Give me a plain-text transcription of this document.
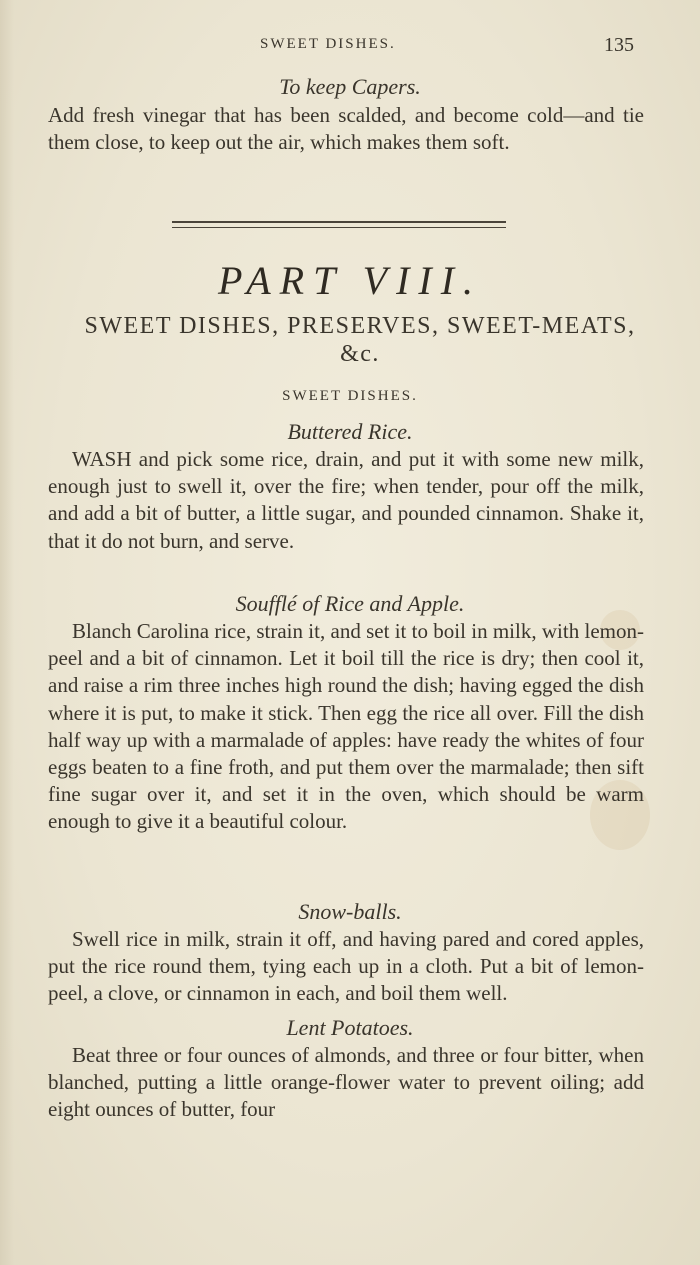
SWEET DISHES.	135
To keep Capers.

Add fresh vinegar that has been scalded, and become cold—and tie them close, to keep out the air, which makes them soft.

PART VIII.
SWEET DISHES, PRESERVES, SWEET-MEATS, &c.
SWEET DISHES.
Buttered Rice.

WASH and pick some rice, drain, and put it with some new milk, enough just to swell it, over the fire; when tender, pour off the milk, and add a bit of butter, a little sugar, and pounded cinnamon. Shake it, that it do not burn, and serve.

Soufflé of Rice and Apple.

Blanch Carolina rice, strain it, and set it to boil in milk, with lemon-peel and a bit of cinnamon. Let it boil till the rice is dry; then cool it, and raise a rim three inches high round the dish; having egged the dish where it is put, to make it stick. Then egg the rice all over. Fill the dish half way up with a marmalade of apples: have ready the whites of four eggs beaten to a fine froth, and put them over the marmalade; then sift fine sugar over it, and set it in the oven, which should be warm enough to give it a beautiful colour.

Snow-balls.

Swell rice in milk, strain it off, and having pared and cored apples, put the rice round them, tying each up in a cloth. Put a bit of lemon-peel, a clove, or cinnamon in each, and boil them well.

Lent Potatoes.

Beat three or four ounces of almonds, and three or four bitter, when blanched, putting a little orange-flower water to prevent oiling; add eight ounces of butter, four
